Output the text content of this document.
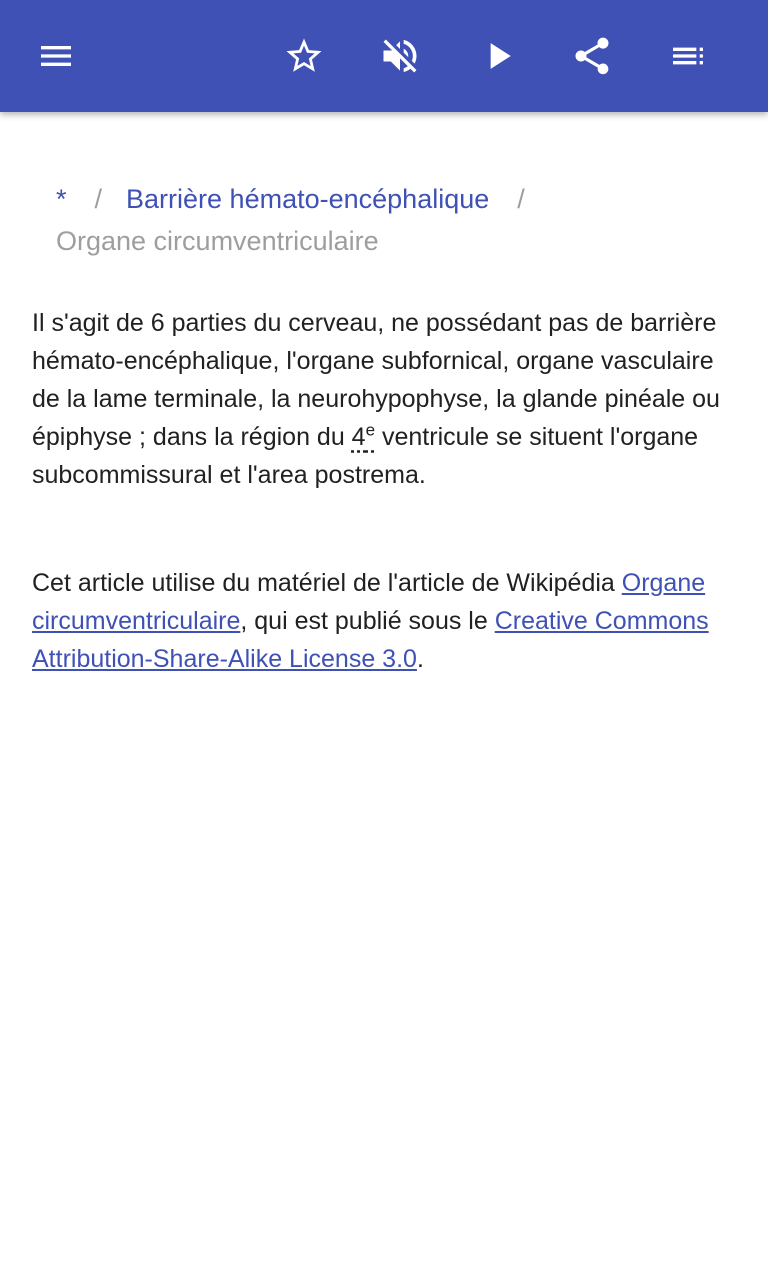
* / Barrière hémato-encéphalique /
Organe circumventriculaire

Il s'agit de 6 parties du cerveau, ne possédant pas de barrière hémato-encéphalique, l'organe subfornical, organe vasculaire de la lame terminale, la neurohypophyse, la glande pinéale ou épiphyse ; dans la région du 4e ventricule se situent l'organe subcommissural et l'area postrema.

Cet article utilise du matériel de l'article de Wikipédia Organe circumventriculaire, qui est publié sous le Creative Commons Attribution-Share-Alike License 3.0.
